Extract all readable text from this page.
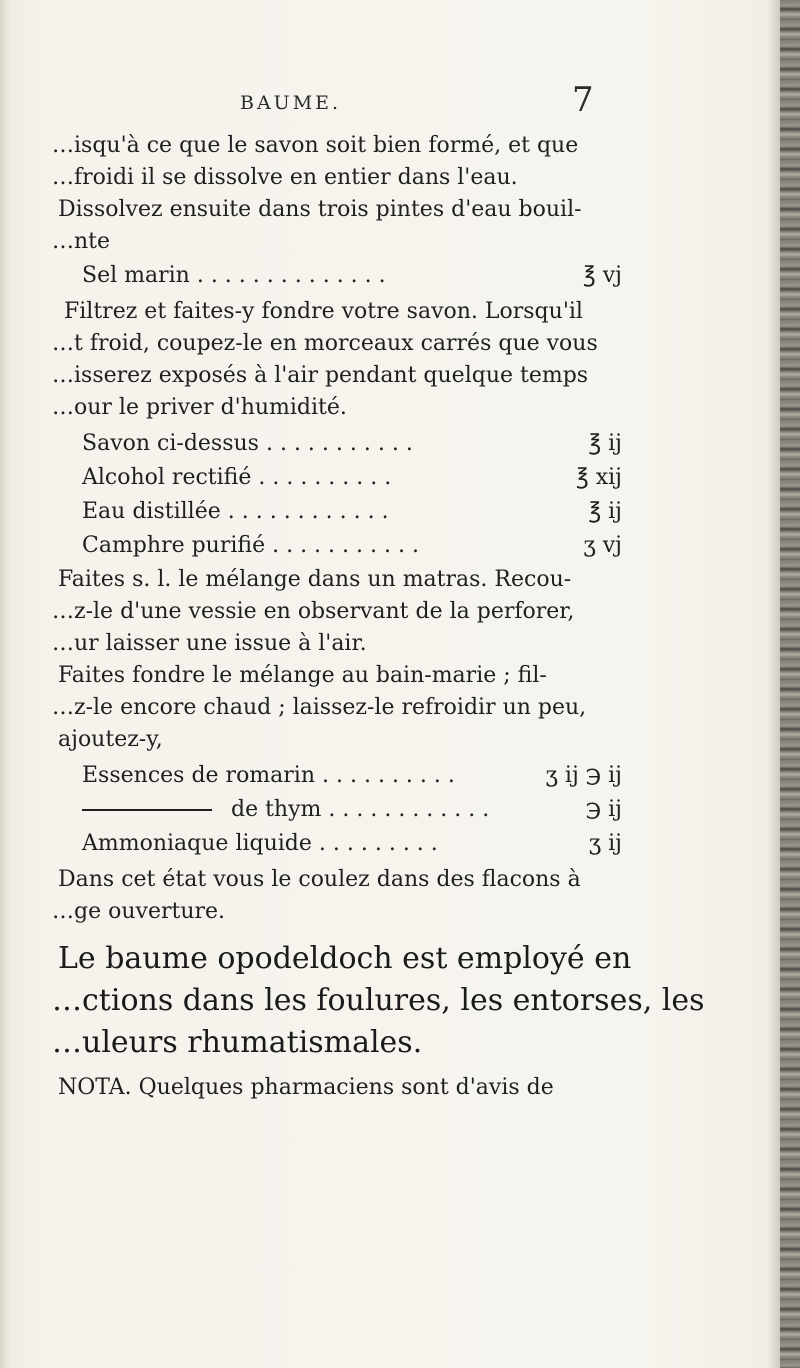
BAUME.	7
…isqu'à ce que le savon soit bien formé, et que
…froidi il se dissolve en entier dans l'eau.
Dissolvez ensuite dans trois pintes d'eau bouil-
…nte
Sel marin . . . . . . . . . . . . . .	℥ vj
Filtrez et faites-y fondre votre savon. Lorsqu'il
…t froid, coupez-le en morceaux carrés que vous
…isserez exposés à l'air pendant quelque temps
…our le priver d'humidité.
Savon ci-dessus . . . . . . . . . . .	℥ ij
Alcohol rectifié . . . . . . . . . .	℥ xij
Eau distillée . . . . . . . . . . . .	℥ ij
Camphre purifié . . . . . . . . . . .	ʒ vj
Faites s. l. le mélange dans un matras. Recou-
…z-le d'une vessie en observant de la perforer,
…ur laisser une issue à l'air.
Faites fondre le mélange au bain-marie ; fil-
…z-le encore chaud ; laissez-le refroidir un peu,
ajoutez-y,
Essences de romarin . . . . . . . . . .	ʒ ij ℈ ij
de thym . . . . . . . . . . . .	℈ ij
Ammoniaque liquide . . . . . . . . .	ʒ ij
Dans cet état vous le coulez dans des flacons à
…ge ouverture.
Le baume opodeldoch est employé en
…ctions dans les foulures, les entorses, les
…uleurs rhumatismales.
NOTA. Quelques pharmaciens sont d'avis de
